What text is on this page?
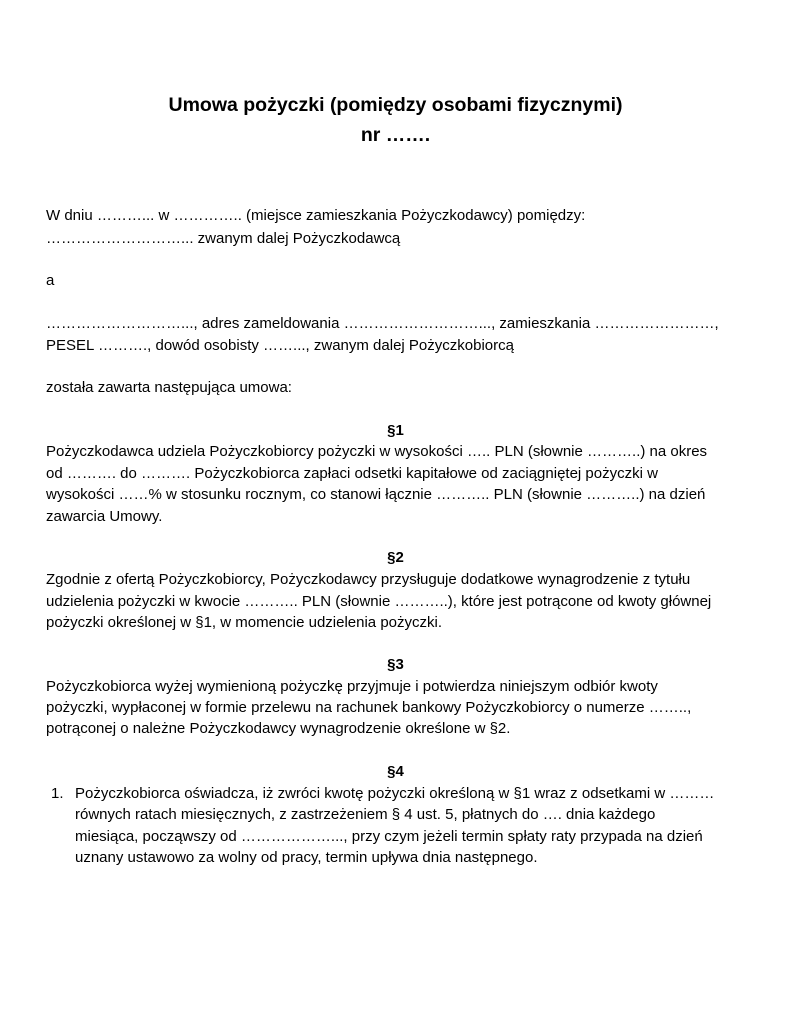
Umowa pożyczki (pomiędzy osobami fizycznymi)
nr …….
W dniu ………... w ………….. (miejsce zamieszkania Pożyczkodawcy) pomiędzy:
………………………... zwanym dalej Pożyczkodawcą
a
………………………..., adres zameldowania ………………………..., zamieszkania ……………………,
PESEL ………., dowód osobisty ……..., zwanym dalej Pożyczkobiorcą
została zawarta następująca umowa:
§1
Pożyczkodawca udziela Pożyczkobiorcy pożyczki w wysokości ….. PLN (słownie ………..) na okres
od ………. do ………. Pożyczkobiorca zapłaci odsetki kapitałowe od zaciągniętej pożyczki w
wysokości ……% w stosunku rocznym, co stanowi łącznie ……….. PLN (słownie ………..) na dzień
zawarcia Umowy.
§2
Zgodnie z ofertą Pożyczkobiorcy, Pożyczkodawcy przysługuje dodatkowe wynagrodzenie z tytułu
udzielenia pożyczki w kwocie ……….. PLN (słownie ………..), które jest potrącone od kwoty głównej
pożyczki określonej w §1, w momencie udzielenia pożyczki.
§3
Pożyczkobiorca wyżej wymienioną pożyczkę przyjmuje i potwierdza niniejszym odbiór kwoty
pożyczki, wypłaconej w formie przelewu na rachunek bankowy Pożyczkobiorcy o numerze ……..,
potrąconej o należne Pożyczkodawcy wynagrodzenie określone w §2.
§4
1. Pożyczkobiorca oświadcza, iż zwróci kwotę pożyczki określoną w §1 wraz z odsetkami w ………
równych ratach miesięcznych, z zastrzeżeniem § 4 ust. 5, płatnych do …. dnia każdego
miesiąca, począwszy od ………………..., przy czym jeżeli termin spłaty raty przypada na dzień
uznany ustawowo za wolny od pracy, termin upływa dnia następnego.
